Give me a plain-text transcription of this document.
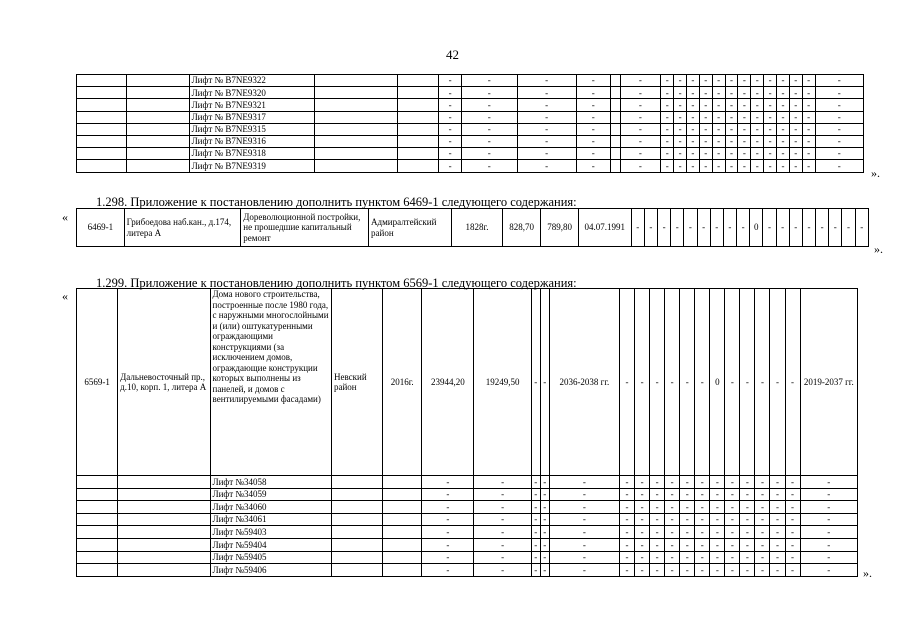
42
		Лифт № B7NE9322			-	-	-	-		-	-	-	-	-	-	-	-	-	-	-	-	-	-
		Лифт № B7NE9320			-	-	-	-		-	-	-	-	-	-	-	-	-	-	-	-	-	-
		Лифт № B7NE9321			-	-	-	-		-	-	-	-	-	-	-	-	-	-	-	-	-	-
		Лифт № B7NE9317			-	-	-	-		-	-	-	-	-	-	-	-	-	-	-	-	-	-
		Лифт № B7NE9315			-	-	-	-		-	-	-	-	-	-	-	-	-	-	-	-	-	-
		Лифт № B7NE9316			-	-	-	-		-	-	-	-	-	-	-	-	-	-	-	-	-	-
		Лифт № B7NE9318			-	-	-	-		-	-	-	-	-	-	-	-	-	-	-	-	-	-
		Лифт № B7NE9319			-	-	-	-		-	-	-	-	-	-	-	-	-	-	-	-	-	-
».
1.298. Приложение к постановлению дополнить пунктом 6469-1 следующего содержания:
«
6469-1	Грибоедова наб.кан., д.174, литера А	Дореволюционной постройки, не прошедшие капитальный ремонт	Адмиралтейский район	1828г.	828,70	789,80	04.07.1991	-	-	-	-	-	-	-	-	-	0	-	-	-	-	-	-	-	-
».
1.299. Приложение к постановлению дополнить пунктом 6569-1 следующего содержания:
«
6569-1	Дальневосточный пр., д.10, корп. 1, литера А	Дома нового строительства, построенные после 1980 года, с наружными многослойными и (или) оштукатуренными ограждающими конструкциями (за исключением домов, ограждающие конструкции которых выполнены из панелей, и домов с вентилируемыми фасадами)	Невский район	2016г.	23944,20	19249,50	-	-	2036-2038 гг.	-	-	-	-	-	-	0	-	-	-	-	-	2019-2037 гг.
		Лифт №34058			-	-	-	-	-	-	-	-	-	-	-	-	-	-	-	-	-	-
		Лифт №34059			-	-	-	-	-	-	-	-	-	-	-	-	-	-	-	-	-	-
		Лифт №34060			-	-	-	-	-	-	-	-	-	-	-	-	-	-	-	-	-	-
		Лифт №34061			-	-	-	-	-	-	-	-	-	-	-	-	-	-	-	-	-	-
		Лифт №59403			-	-	-	-	-	-	-	-	-	-	-	-	-	-	-	-	-	-
		Лифт №59404			-	-	-	-	-	-	-	-	-	-	-	-	-	-	-	-	-	-
		Лифт №59405			-	-	-	-	-	-	-	-	-	-	-	-	-	-	-	-	-	-
		Лифт №59406			-	-	-	-	-	-	-	-	-	-	-	-	-	-	-	-	-	-	».
